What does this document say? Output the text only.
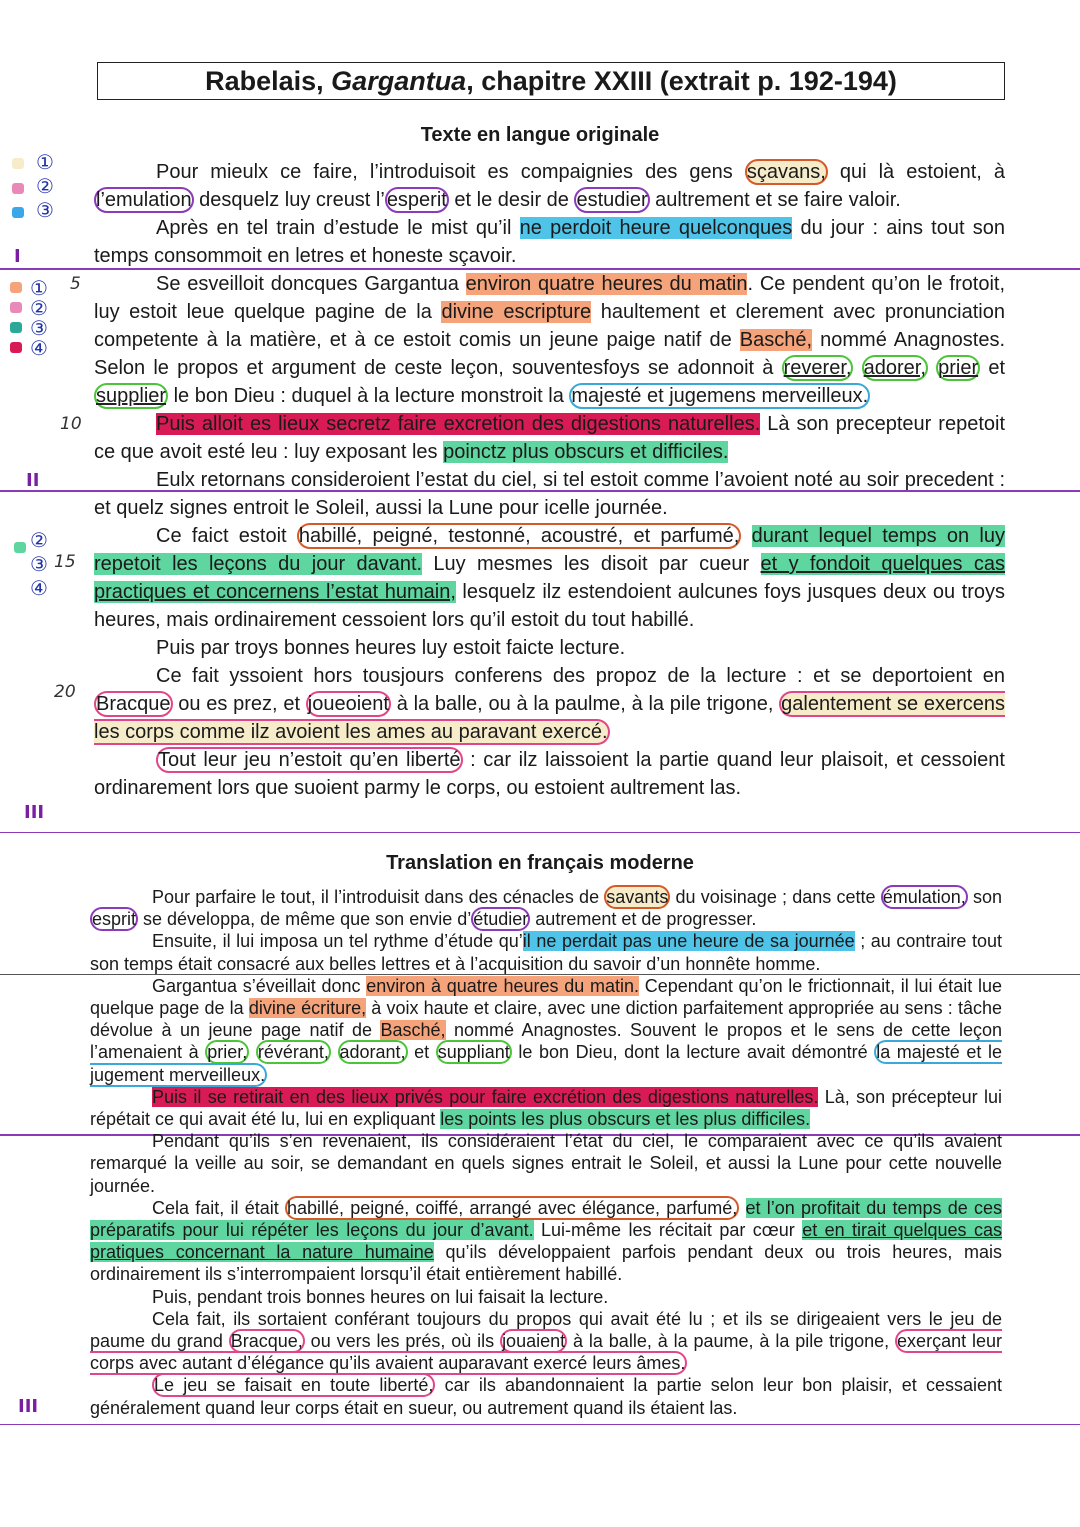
Rabelais, Gargantua, chapitre XXIII (extrait p. 192-194)
Texte en langue originale
①
②
③
I
①
②
③
④
5
10
II
②
③
④
15
20
III
III

Pour mieulx ce faire, l’introduisoit es compaignies des gens sçavans, qui là estoient, à l’emulation desquelz luy creust l’ esperit et le desir de estudier aultrement et se faire valoir.

Après en tel train d’estude le mist qu’il ne perdoit heure quelconques du jour : ains tout son temps consommoit en letres et honeste sçavoir.

Se esveilloit doncques Gargantua environ quatre heures du matin. Ce pendent qu’on le frotoit, luy estoit leue quelque pagine de la divine escripture haultement et clerement avec pronunciation competente à la matière, et à ce estoit comis un jeune paige natif de Basché, nommé Anagnostes. Selon le propos et argument de ceste leçon, souventesfoys se adonnoit à reverer, adorer, prier et supplier le bon Dieu : duquel à la lecture monstroit la majesté et jugemens merveilleux.

Puis alloit es lieux secretz faire excretion des digestions naturelles. Là son precepteur repetoit ce que avoit esté leu : luy exposant les poinctz plus obscurs et difficiles.

Eulx retornans consideroient l’estat du ciel, si tel estoit comme l’avoient noté au soir precedent : et quelz signes entroit le Soleil, aussi la Lune pour icelle journée.

Ce faict estoit habillé, peigné, testonné, acoustré, et parfumé, durant lequel temps on luy repetoit les leçons du jour davant. Luy mesmes les disoit par cueur et y fondoit quelques cas practiques et concernens l’estat humain, lesquelz ilz estendoient aulcunes foys jusques deux ou troys heures, mais ordinairement cessoient lors qu’il estoit du tout habillé.

Puis par troys bonnes heures luy estoit faicte lecture.

Ce fait yssoient hors tousjours conferens des propoz de la lecture : et se deportoient en Bracque ou es prez, et joueoient à la balle, ou à la paulme, à la pile trigone, galentement se exercens les corps comme ilz avoient les ames au paravant exercé.

Tout leur jeu n’estoit qu’en liberté : car ilz laissoient la partie quand leur plaisoit, et cessoient ordinarement lors que suoient parmy le corps, ou estoient aultrement las.

Translation en français moderne

Pour parfaire le tout, il l’introduisit dans des cénacles de savants du voisinage ; dans cette émulation, son esprit se développa, de même que son envie d’ étudier autrement et de progresser.

Ensuite, il lui imposa un tel rythme d’étude qu’il ne perdait pas une heure de sa journée ; au contraire tout son temps était consacré aux belles lettres et à l’acquisition du savoir d’un honnête homme.

Gargantua s’éveillait donc environ à quatre heures du matin. Cependant qu’on le frictionnait, il lui était lue quelque page de la divine écriture, à voix haute et claire, avec une diction parfaitement appropriée au sens : tâche dévolue à un jeune page natif de Basché, nommé Anagnostes. Souvent le propos et le sens de cette leçon l’amenaient à prier, révérant, adorant, et suppliant le bon Dieu, dont la lecture avait démontré la majesté et le jugement merveilleux.

Puis il se retirait en des lieux privés pour faire excrétion des digestions naturelles. Là, son précepteur lui répétait ce qui avait été lu, lui en expliquant les points les plus obscurs et les plus difficiles.

Pendant qu’ils s’en revenaient, ils considéraient l’état du ciel, le comparaient avec ce qu’ils avaient remarqué la veille au soir, se demandant en quels signes entrait le Soleil, et aussi la Lune pour cette nouvelle journée.

Cela fait, il était habillé, peigné, coiffé, arrangé avec élégance, parfumé, et l’on profitait du temps de ces préparatifs pour lui répéter les leçons du jour d’avant. Lui-même les récitait par cœur et en tirait quelques cas pratiques concernant la nature humaine qu’ils développaient parfois pendant deux ou trois heures, mais ordinairement ils s’interrompaient lorsqu’il était entièrement habillé.

Puis, pendant trois bonnes heures on lui faisait la lecture.

Cela fait, ils sortaient conférant toujours du propos qui avait été lu ; et ils se dirigeaient vers le jeu de paume du grand Bracque, ou vers les prés, où ils jouaient à la balle, à la paume, à la pile trigone, exerçant leur corps avec autant d’élégance qu’ils avaient auparavant exercé leurs âmes.

Le jeu se faisait en toute liberté, car ils abandonnaient la partie selon leur bon plaisir, et cessaient généralement quand leur corps était en sueur, ou autrement quand ils étaient las.
